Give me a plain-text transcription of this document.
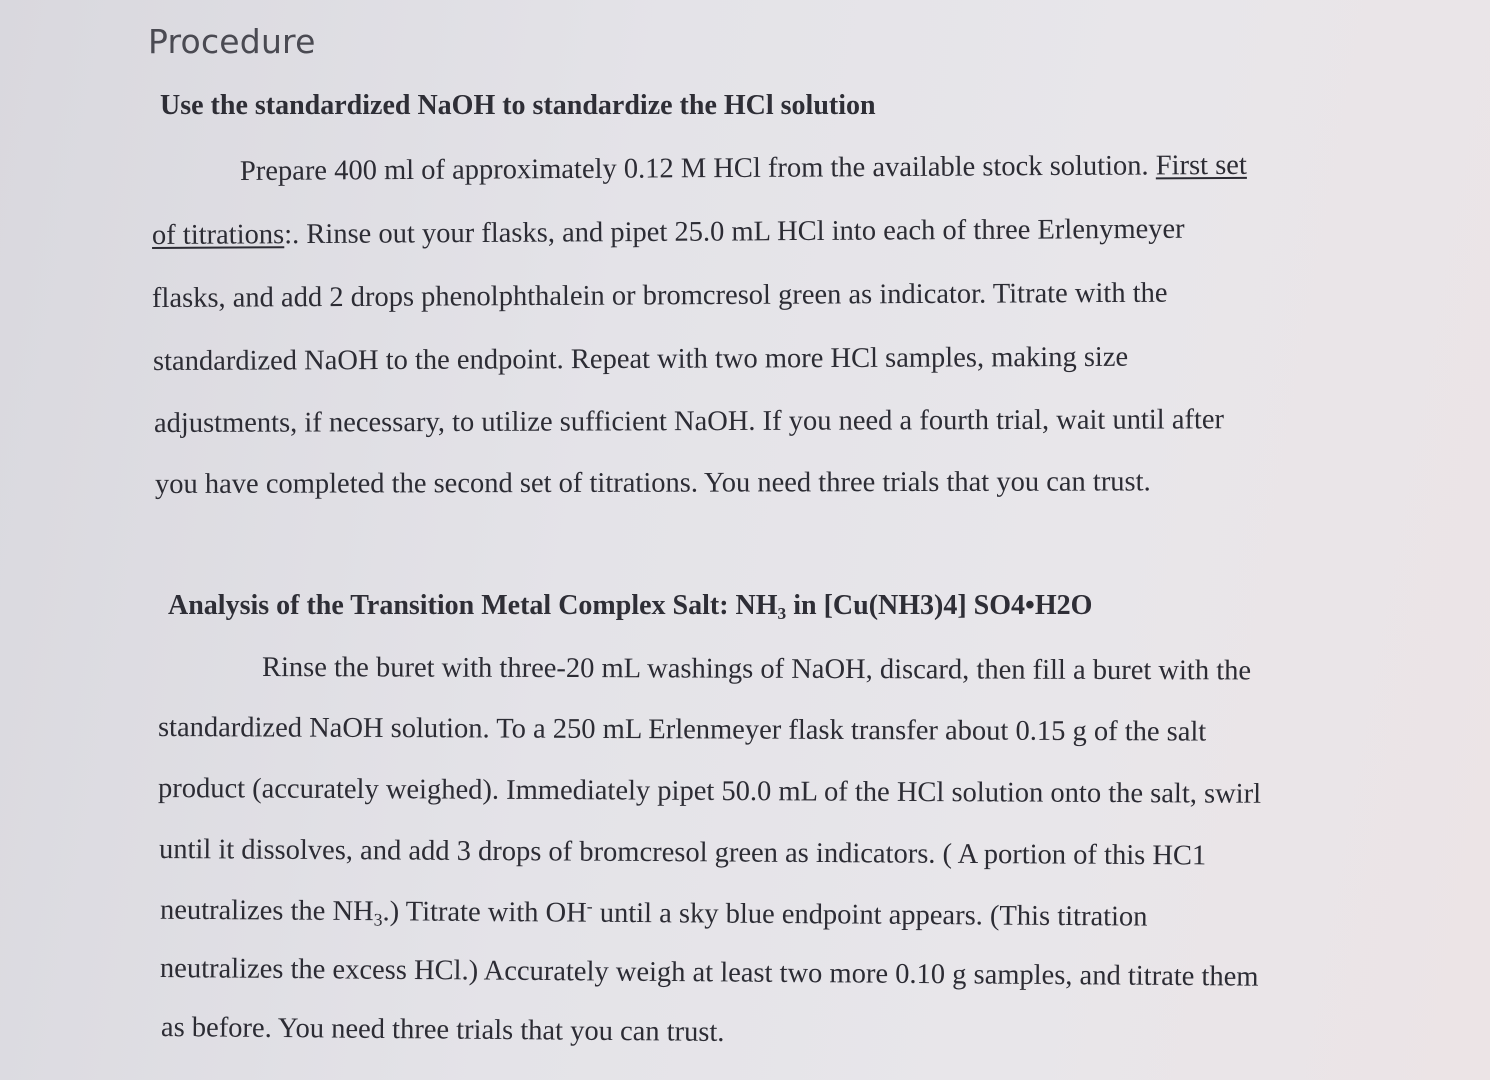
Procedure
Use the standardized NaOH to standardize the HCl solution
Prepare 400 ml of approximately 0.12 M HCl from the available stock solution. First set
of titrations:. Rinse out your flasks, and pipet 25.0 mL HCl into each of three Erlenymeyer
flasks, and add 2 drops phenolphthalein or bromcresol green as indicator. Titrate with the
standardized NaOH to the endpoint. Repeat with two more HCl samples, making size
adjustments, if necessary, to utilize sufficient NaOH. If you need a fourth trial, wait until after
you have completed the second set of titrations. You need three trials that you can trust.
Analysis of the Transition Metal Complex Salt: $NH_3$ in [Cu(NH3)4] SO4•H2O
Rinse the buret with three-20 mL washings of NaOH, discard, then fill a buret with the
standardized NaOH solution. To a 250 mL Erlenmeyer flask transfer about 0.15 g of the salt
product (accurately weighed). Immediately pipet 50.0 mL of the HCl solution onto the salt, swirl
until it dissolves, and add 3 drops of bromcresol green as indicators. ( A portion of this HC1
neutralizes the $NH_3$.) Titrate with OH- until a sky blue endpoint appears. (This titration
neutralizes the excess HCl.) Accurately weigh at least two more 0.10 g samples, and titrate them
as before. You need three trials that you can trust.
